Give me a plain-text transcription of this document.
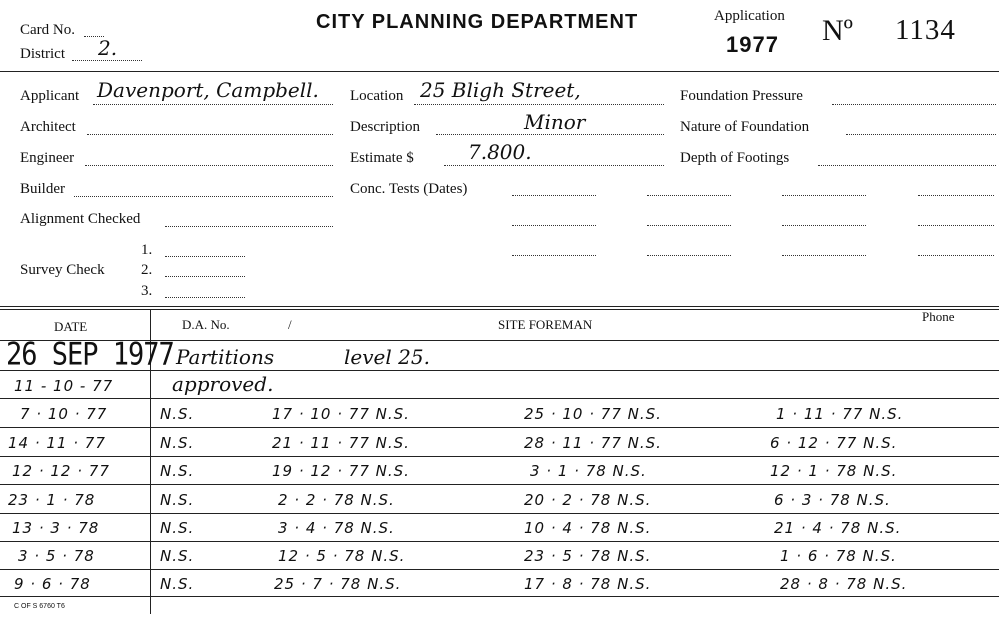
Card No.
District 2.
CITY PLANNING DEPARTMENT	Application
1977 Nº 1134
Applicant Davenport, Campbell.
Architect
Engineer
Builder
Alignment Checked
Survey Check
1.
2.
3.
Location 25 Bligh Street,
Description	Minor
Estimate $	7.800.
Conc. Tests (Dates)
Foundation Pressure
Nature of Foundation
Depth of Footings
DATE	D.A. No.	/	SITE FOREMAN
Phone
26 SEP 1977 Partitions	level 25.
11 - 10 - 77	approved.
7 · 10 · 77	N.S.	17 · 10 · 77 N.S.	25 · 10 · 77 N.S.	1 · 11 · 77 N.S.
14 · 11 · 77	N.S.	21 · 11 · 77 N.S.	28 · 11 · 77 N.S.	6 · 12 · 77 N.S.
12 · 12 · 77	N.S.	19 · 12 · 77 N.S.	3 · 1 · 78 N.S.	12 · 1 · 78 N.S.
23 · 1 · 78	N.S.	2 · 2 · 78 N.S.	20 · 2 · 78 N.S.	6 · 3 · 78 N.S.
13 · 3 · 78	N.S.	3 · 4 · 78 N.S.	10 · 4 · 78 N.S.	21 · 4 · 78 N.S.
3 · 5 · 78	N.S.	12 · 5 · 78 N.S.	23 · 5 · 78 N.S.	1 · 6 · 78 N.S.
9 · 6 · 78	N.S.	25 · 7 · 78 N.S.	17 · 8 · 78 N.S.	28 · 8 · 78 N.S.
C OF S 6760 T6
